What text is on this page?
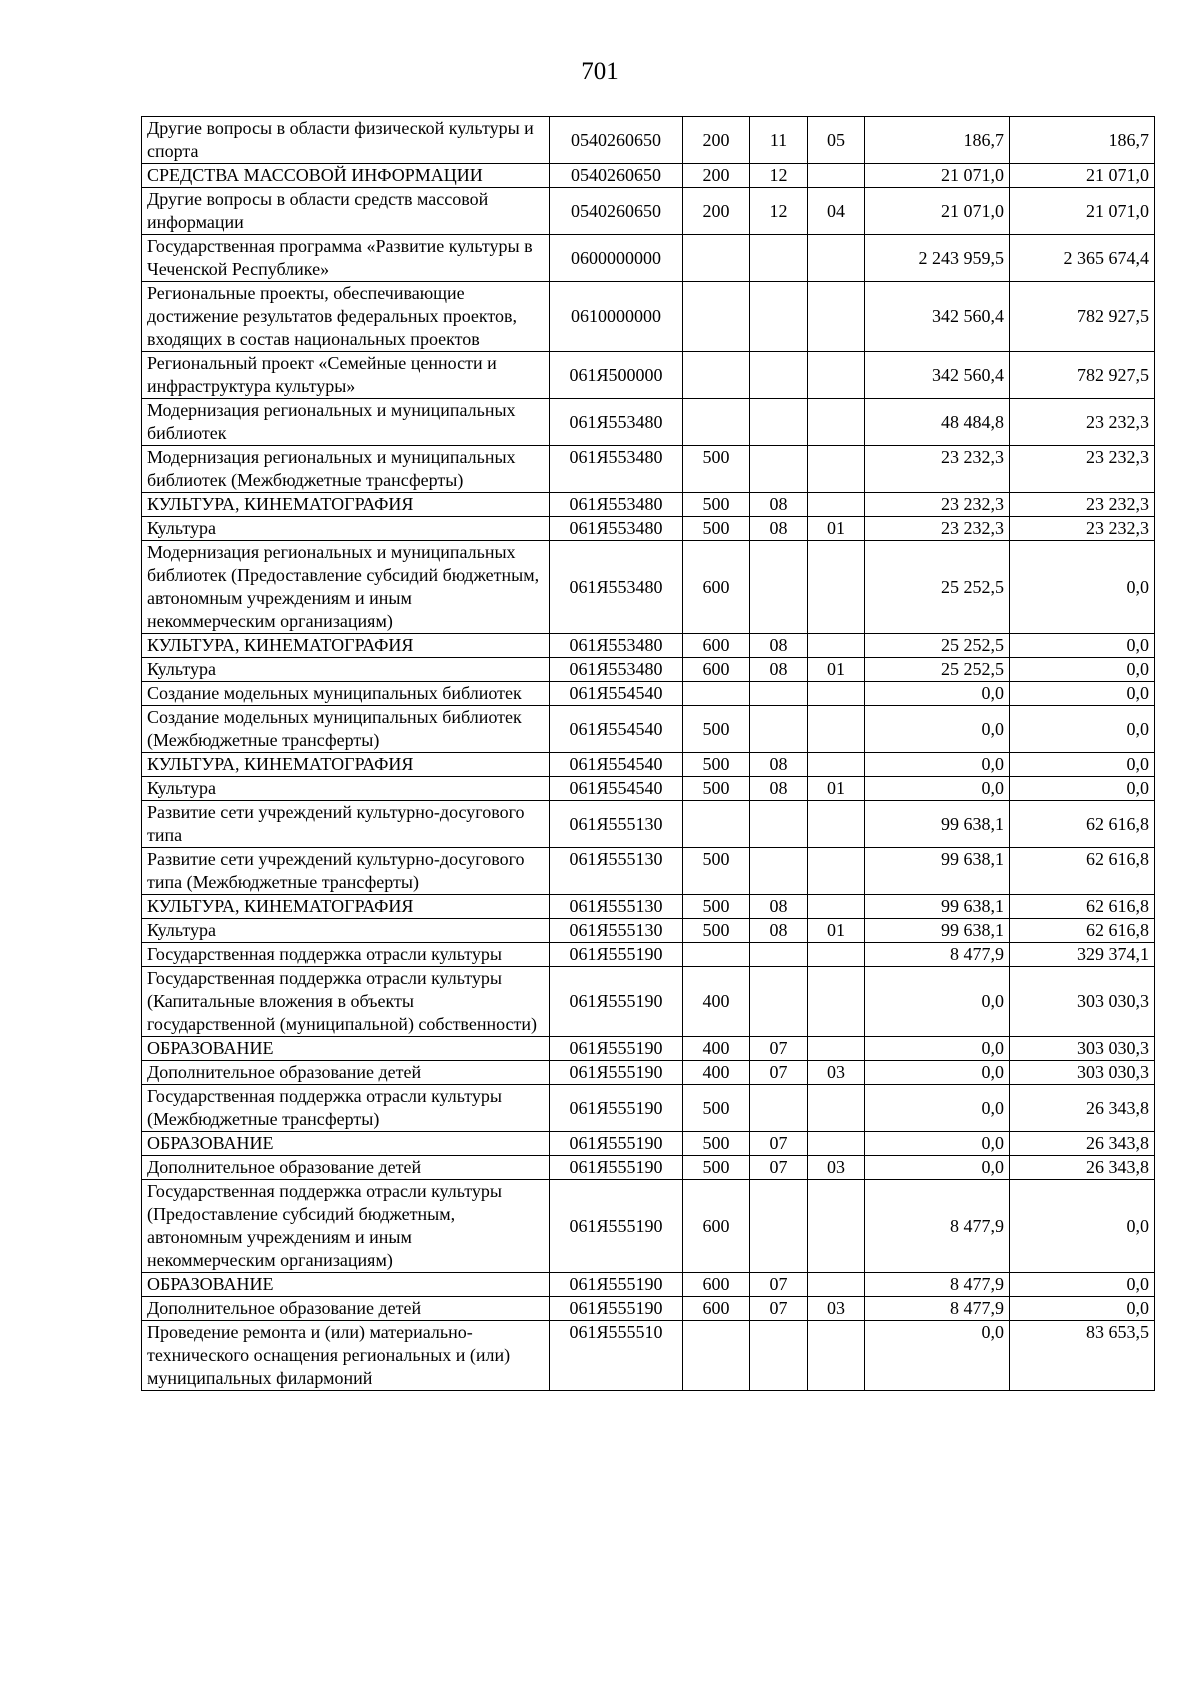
701
Другие вопросы в области физической культуры и спорта	0540260650	200	11	05	186,7	186,7
СРЕДСТВА МАССОВОЙ ИНФОРМАЦИИ	0540260650	200	12		21 071,0	21 071,0
Другие вопросы в области средств массовой информации	0540260650	200	12	04	21 071,0	21 071,0
Государственная программа «Развитие культуры в Чеченской Республике»	0600000000				2 243 959,5	2 365 674,4
Региональные проекты, обеспечивающие достижение результатов федеральных проектов, входящих в состав национальных проектов	0610000000				342 560,4	782 927,5
Региональный проект «Семейные ценности и инфраструктура культуры»	061Я500000				342 560,4	782 927,5
Модернизация региональных и муниципальных библиотек	061Я553480				48 484,8	23 232,3
Модернизация региональных и муниципальных библиотек (Межбюджетные трансферты)	061Я553480	500			23 232,3	23 232,3
КУЛЬТУРА, КИНЕМАТОГРАФИЯ	061Я553480	500	08		23 232,3	23 232,3
Культура	061Я553480	500	08	01	23 232,3	23 232,3
Модернизация региональных и муниципальных библиотек (Предоставление субсидий бюджетным, автономным учреждениям и иным некоммерческим организациям)	061Я553480	600			25 252,5	0,0
КУЛЬТУРА, КИНЕМАТОГРАФИЯ	061Я553480	600	08		25 252,5	0,0
Культура	061Я553480	600	08	01	25 252,5	0,0
Создание модельных муниципальных библиотек	061Я554540				0,0	0,0
Создание модельных муниципальных библиотек (Межбюджетные трансферты)	061Я554540	500			0,0	0,0
КУЛЬТУРА, КИНЕМАТОГРАФИЯ	061Я554540	500	08		0,0	0,0
Культура	061Я554540	500	08	01	0,0	0,0
Развитие сети учреждений культурно-досугового типа	061Я555130				99 638,1	62 616,8
Развитие сети учреждений культурно-досугового типа (Межбюджетные трансферты)	061Я555130	500			99 638,1	62 616,8
КУЛЬТУРА, КИНЕМАТОГРАФИЯ	061Я555130	500	08		99 638,1	62 616,8
Культура	061Я555130	500	08	01	99 638,1	62 616,8
Государственная поддержка отрасли культуры	061Я555190				8 477,9	329 374,1
Государственная поддержка отрасли культуры (Капитальные вложения в объекты государственной (муниципальной) собственности)	061Я555190	400			0,0	303 030,3
ОБРАЗОВАНИЕ	061Я555190	400	07		0,0	303 030,3
Дополнительное образование детей	061Я555190	400	07	03	0,0	303 030,3
Государственная поддержка отрасли культуры (Межбюджетные трансферты)	061Я555190	500			0,0	26 343,8
ОБРАЗОВАНИЕ	061Я555190	500	07		0,0	26 343,8
Дополнительное образование детей	061Я555190	500	07	03	0,0	26 343,8
Государственная поддержка отрасли культуры (Предоставление субсидий бюджетным, автономным учреждениям и иным некоммерческим организациям)	061Я555190	600			8 477,9	0,0
ОБРАЗОВАНИЕ	061Я555190	600	07		8 477,9	0,0
Дополнительное образование детей	061Я555190	600	07	03	8 477,9	0,0
Проведение ремонта и (или) материально-технического оснащения региональных и (или) муниципальных филармоний	061Я555510				0,0	83 653,5
